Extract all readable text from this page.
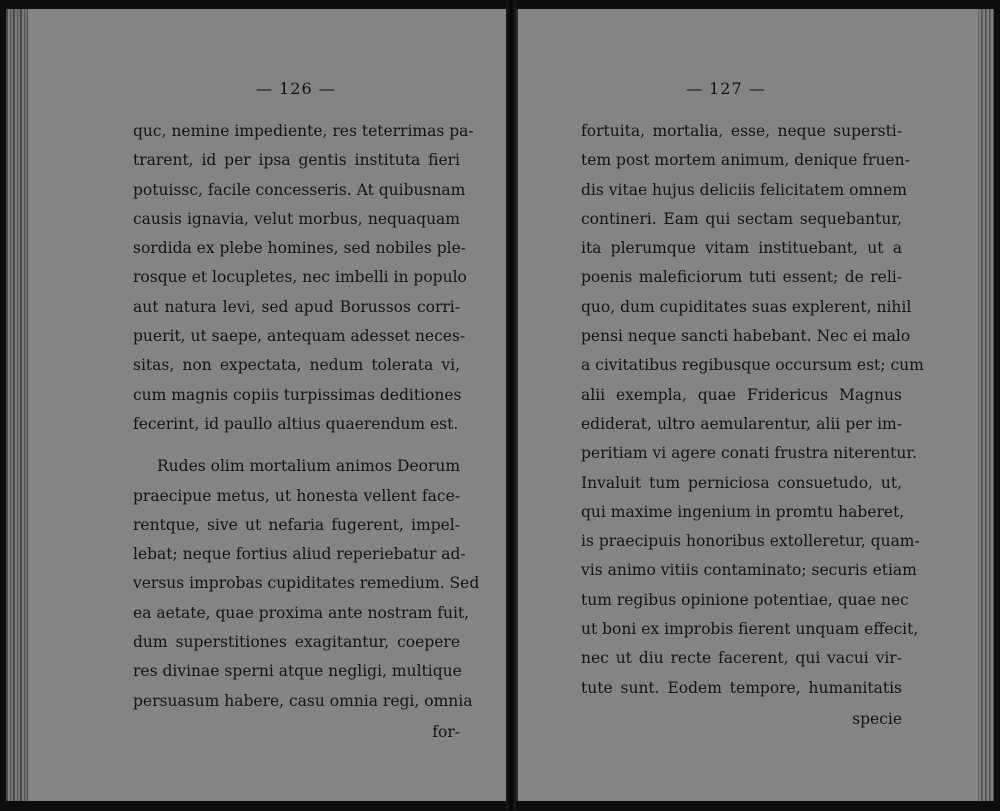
— 126 —
quc, nemine impediente, res teterrimas pa-
trarent, id per ipsa gentis instituta fieri
potuissc, facile concesseris. At quibusnam
causis ignavia, velut morbus, nequaquam
sordida ex plebe homines, sed nobiles ple-
rosque et locupletes, nec imbelli in populo
aut natura levi, sed apud Borussos corri-
puerit, ut saepe, antequam adesset neces-
sitas, non expectata, nedum tolerata vi,
cum magnis copiis turpissimas deditiones
fecerint, id paullo altius quaerendum est.
Rudes olim mortalium animos Deorum
praecipue metus, ut honesta vellent face-
rentque, sive ut nefaria fugerent, impel-
lebat; neque fortius aliud reperiebatur ad-
versus improbas cupiditates remedium. Sed
ea aetate, quae proxima ante nostram fuit,
dum superstitiones exagitantur, coepere
res divinae sperni atque negligi, multique
persuasum habere, casu omnia regi, omnia
for-
— 127 —
fortuita, mortalia, esse, neque supersti-
tem post mortem animum, denique fruen-
dis vitae hujus deliciis felicitatem omnem
contineri. Eam qui sectam sequebantur,
ita plerumque vitam instituebant, ut a
poenis maleficiorum tuti essent; de reli-
quo, dum cupiditates suas explerent, nihil
pensi neque sancti habebant. Nec ei malo
a civitatibus regibusque occursum est; cum
alii exempla, quae Fridericus Magnus
ediderat, ultro aemularentur, alii per im-
peritiam vi agere conati frustra niterentur.
Invaluit tum perniciosa consuetudo, ut,
qui maxime ingenium in promtu haberet,
is praecipuis honoribus extolleretur, quam-
vis animo vitiis contaminato; securis etiam
tum regibus opinione potentiae, quae nec
ut boni ex improbis fierent unquam effecit,
nec ut diu recte facerent, qui vacui vir-
tute sunt. Eodem tempore, humanitatis
specie
